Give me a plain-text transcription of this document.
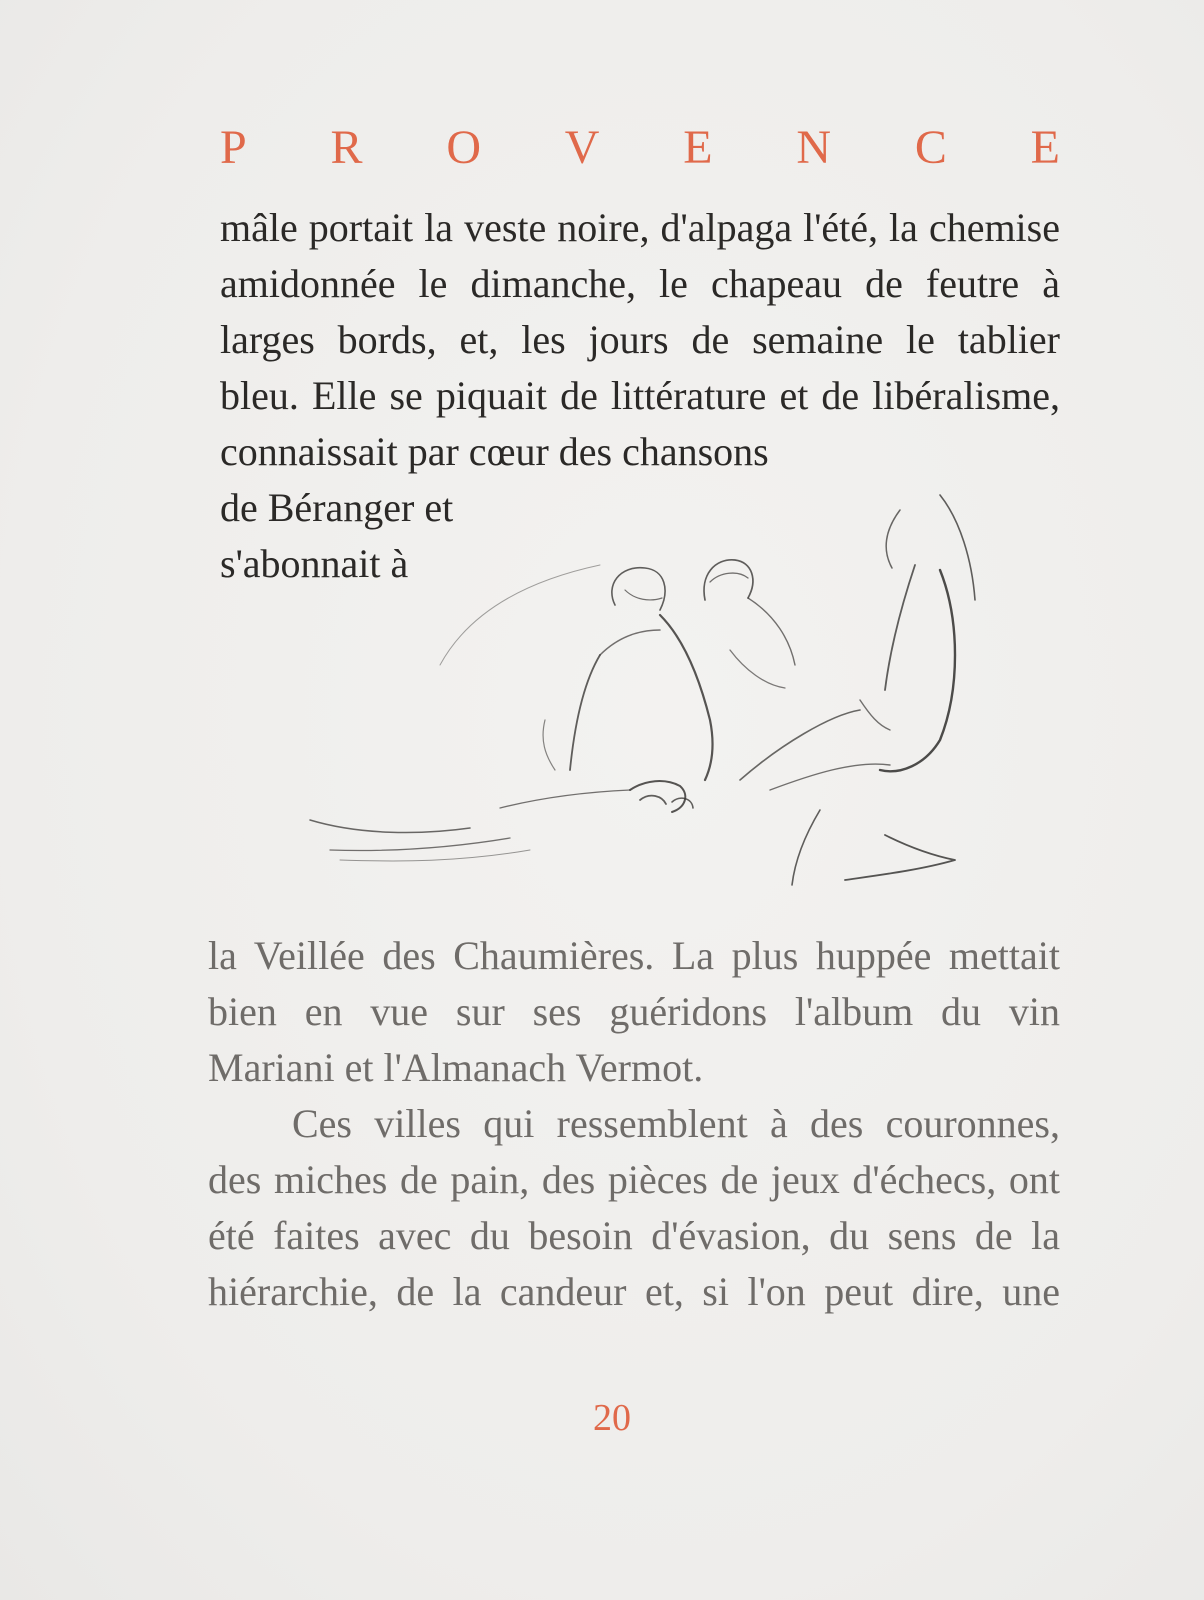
P R O V E N C E
mâle portait la veste noire, d'alpaga l'été, la chemise
amidonnée le dimanche, le chapeau de feutre à
larges bords, et, les jours de semaine le tablier
bleu. Elle se piquait de littérature et de libéralisme,
connaissait par cœur des chansons
de Béranger et
s'abonnait à
la Veillée des Chaumières. La plus huppée mettait
bien en vue sur ses guéridons l'album du vin
Mariani et l'Almanach Vermot.
Ces villes qui ressemblent à des couronnes,
des miches de pain, des pièces de jeux d'échecs, ont
été faites avec du besoin d'évasion, du sens de la
hiérarchie, de la candeur et, si l'on peut dire, une
20
